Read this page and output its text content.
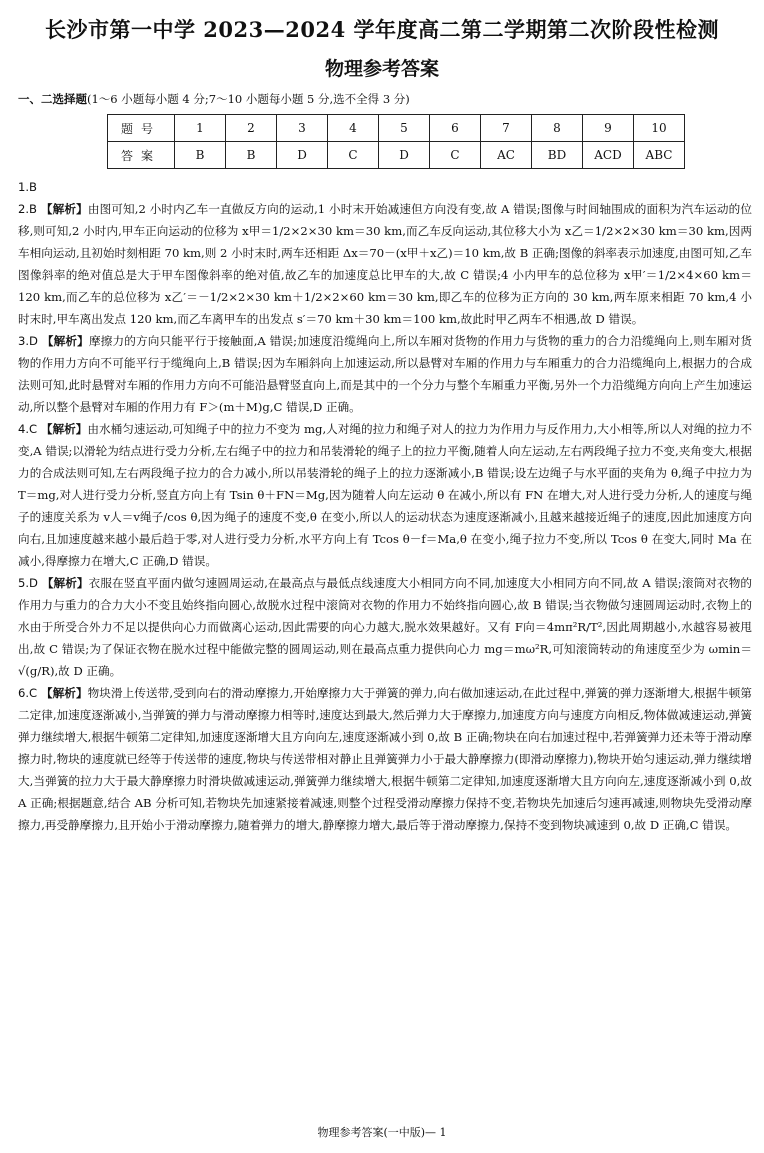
长沙市第一中学 2023—2024 学年度高二第二学期第二次阶段性检测
物理参考答案
一、二选择题(1～6 小题每小题 4 分;7～10 小题每小题 5 分,选不全得 3 分)
题号	1	2	3	4	5	6	7	8	9	10
答案	B	B	D	C	D	C	AC	BD	ACD	ABC

1.B

2.B 【解析】由图可知,2 小时内乙车一直做反方向的运动,1 小时末开始减速但方向没有变,故 A 错误;图像与时间轴围成的面积为汽车运动的位移,则可知,2 小时内,甲车正向运动的位移为 x甲＝1/2×2×30 km＝30 km,而乙车反向运动,其位移大小为 x乙＝1/2×2×30 km＝30 km,因两车相向运动,且初始时刻相距 70 km,则 2 小时末时,两车还相距 Δx＝70－(x甲＋x乙)＝10 km,故 B 正确;图像的斜率表示加速度,由图可知,乙车图像斜率的绝对值总是大于甲车图像斜率的绝对值,故乙车的加速度总比甲车的大,故 C 错误;4 小内甲车的总位移为 x甲′＝1/2×4×60 km＝120 km,而乙车的总位移为 x乙′＝－1/2×2×30 km＋1/2×2×60 km＝30 km,即乙车的位移为正方向的 30 km,两车原来相距 70 km,4 小时末时,甲车离出发点 120 km,而乙车离甲车的出发点 s′＝70 km＋30 km＝100 km,故此时甲乙两车不相遇,故 D 错误。

3.D 【解析】摩擦力的方向只能平行于接触面,A 错误;加速度沿缆绳向上,所以车厢对货物的作用力与货物的重力的合力沿缆绳向上,则车厢对货物的作用力方向不可能平行于缆绳向上,B 错误;因为车厢斜向上加速运动,所以悬臂对车厢的作用力与车厢重力的合力沿缆绳向上,根据力的合成法则可知,此时悬臂对车厢的作用力方向不可能沿悬臂竖直向上,而是其中的一个分力与整个车厢重力平衡,另外一个力沿缆绳方向向上产生加速运动,所以整个悬臂对车厢的作用力有 F＞(m＋M)g,C 错误,D 正确。

4.C 【解析】由水桶匀速运动,可知绳子中的拉力不变为 mg,人对绳的拉力和绳子对人的拉力为作用力与反作用力,大小相等,所以人对绳的拉力不变,A 错误;以滑轮为结点进行受力分析,左右绳子中的拉力和吊装滑轮的绳子上的拉力平衡,随着人向左运动,左右两段绳子拉力不变,夹角变大,根据力的合成法则可知,左右两段绳子拉力的合力减小,所以吊装滑轮的绳子上的拉力逐渐减小,B 错误;设左边绳子与水平面的夹角为 θ,绳子中拉力为 T＝mg,对人进行受力分析,竖直方向上有 Tsin θ＋FN＝Mg,因为随着人向左运动 θ 在减小,所以有 FN 在增大,对人进行受力分析,人的速度与绳子的速度关系为 v人＝v绳子/cos θ,因为绳子的速度不变,θ 在变小,所以人的运动状态为速度逐渐减小,且越来越接近绳子的速度,因此加速度方向向右,且加速度越来越小最后趋于零,对人进行受力分析,水平方向上有 Tcos θ－f＝Ma,θ 在变小,绳子拉力不变,所以 Tcos θ 在变大,同时 Ma 在减小,得摩擦力在增大,C 正确,D 错误。

5.D 【解析】衣服在竖直平面内做匀速圆周运动,在最高点与最低点线速度大小相同方向不同,加速度大小相同方向不同,故 A 错误;滚筒对衣物的作用力与重力的合力大小不变且始终指向圆心,故脱水过程中滚筒对衣物的作用力不始终指向圆心,故 B 错误;当衣物做匀速圆周运动时,衣物上的水由于所受合外力不足以提供向心力而做离心运动,因此需要的向心力越大,脱水效果越好。又有 F向＝4mπ²R/T²,因此周期越小,水越容易被甩出,故 C 错误;为了保证衣物在脱水过程中能做完整的圆周运动,则在最高点重力提供向心力 mg＝mω²R,可知滚筒转动的角速度至少为 ωmin＝√(g/R),故 D 正确。

6.C 【解析】物块滑上传送带,受到向右的滑动摩擦力,开始摩擦力大于弹簧的弹力,向右做加速运动,在此过程中,弹簧的弹力逐渐增大,根据牛顿第二定律,加速度逐渐减小,当弹簧的弹力与滑动摩擦力相等时,速度达到最大,然后弹力大于摩擦力,加速度方向与速度方向相反,物体做减速运动,弹簧弹力继续增大,根据牛顿第二定律知,加速度逐渐增大且方向向左,速度逐渐减小到 0,故 B 正确;物块在向右加速过程中,若弹簧弹力还未等于滑动摩擦力时,物块的速度就已经等于传送带的速度,物块与传送带相对静止且弹簧弹力小于最大静摩擦力(即滑动摩擦力),物块开始匀速运动,弹力继续增大,当弹簧的拉力大于最大静摩擦力时滑块做减速运动,弹簧弹力继续增大,根据牛顿第二定律知,加速度逐渐增大且方向向左,速度逐渐减小到 0,故 A 正确;根据题意,结合 AB 分析可知,若物块先加速紧接着减速,则整个过程受滑动摩擦力保持不变,若物块先加速后匀速再减速,则物块先受滑动摩擦力,再受静摩擦力,且开始小于滑动摩擦力,随着弹力的增大,静摩擦力增大,最后等于滑动摩擦力,保持不变到物块减速到 0,故 D 正确,C 错误。

物理参考答案(一中版)— 1
